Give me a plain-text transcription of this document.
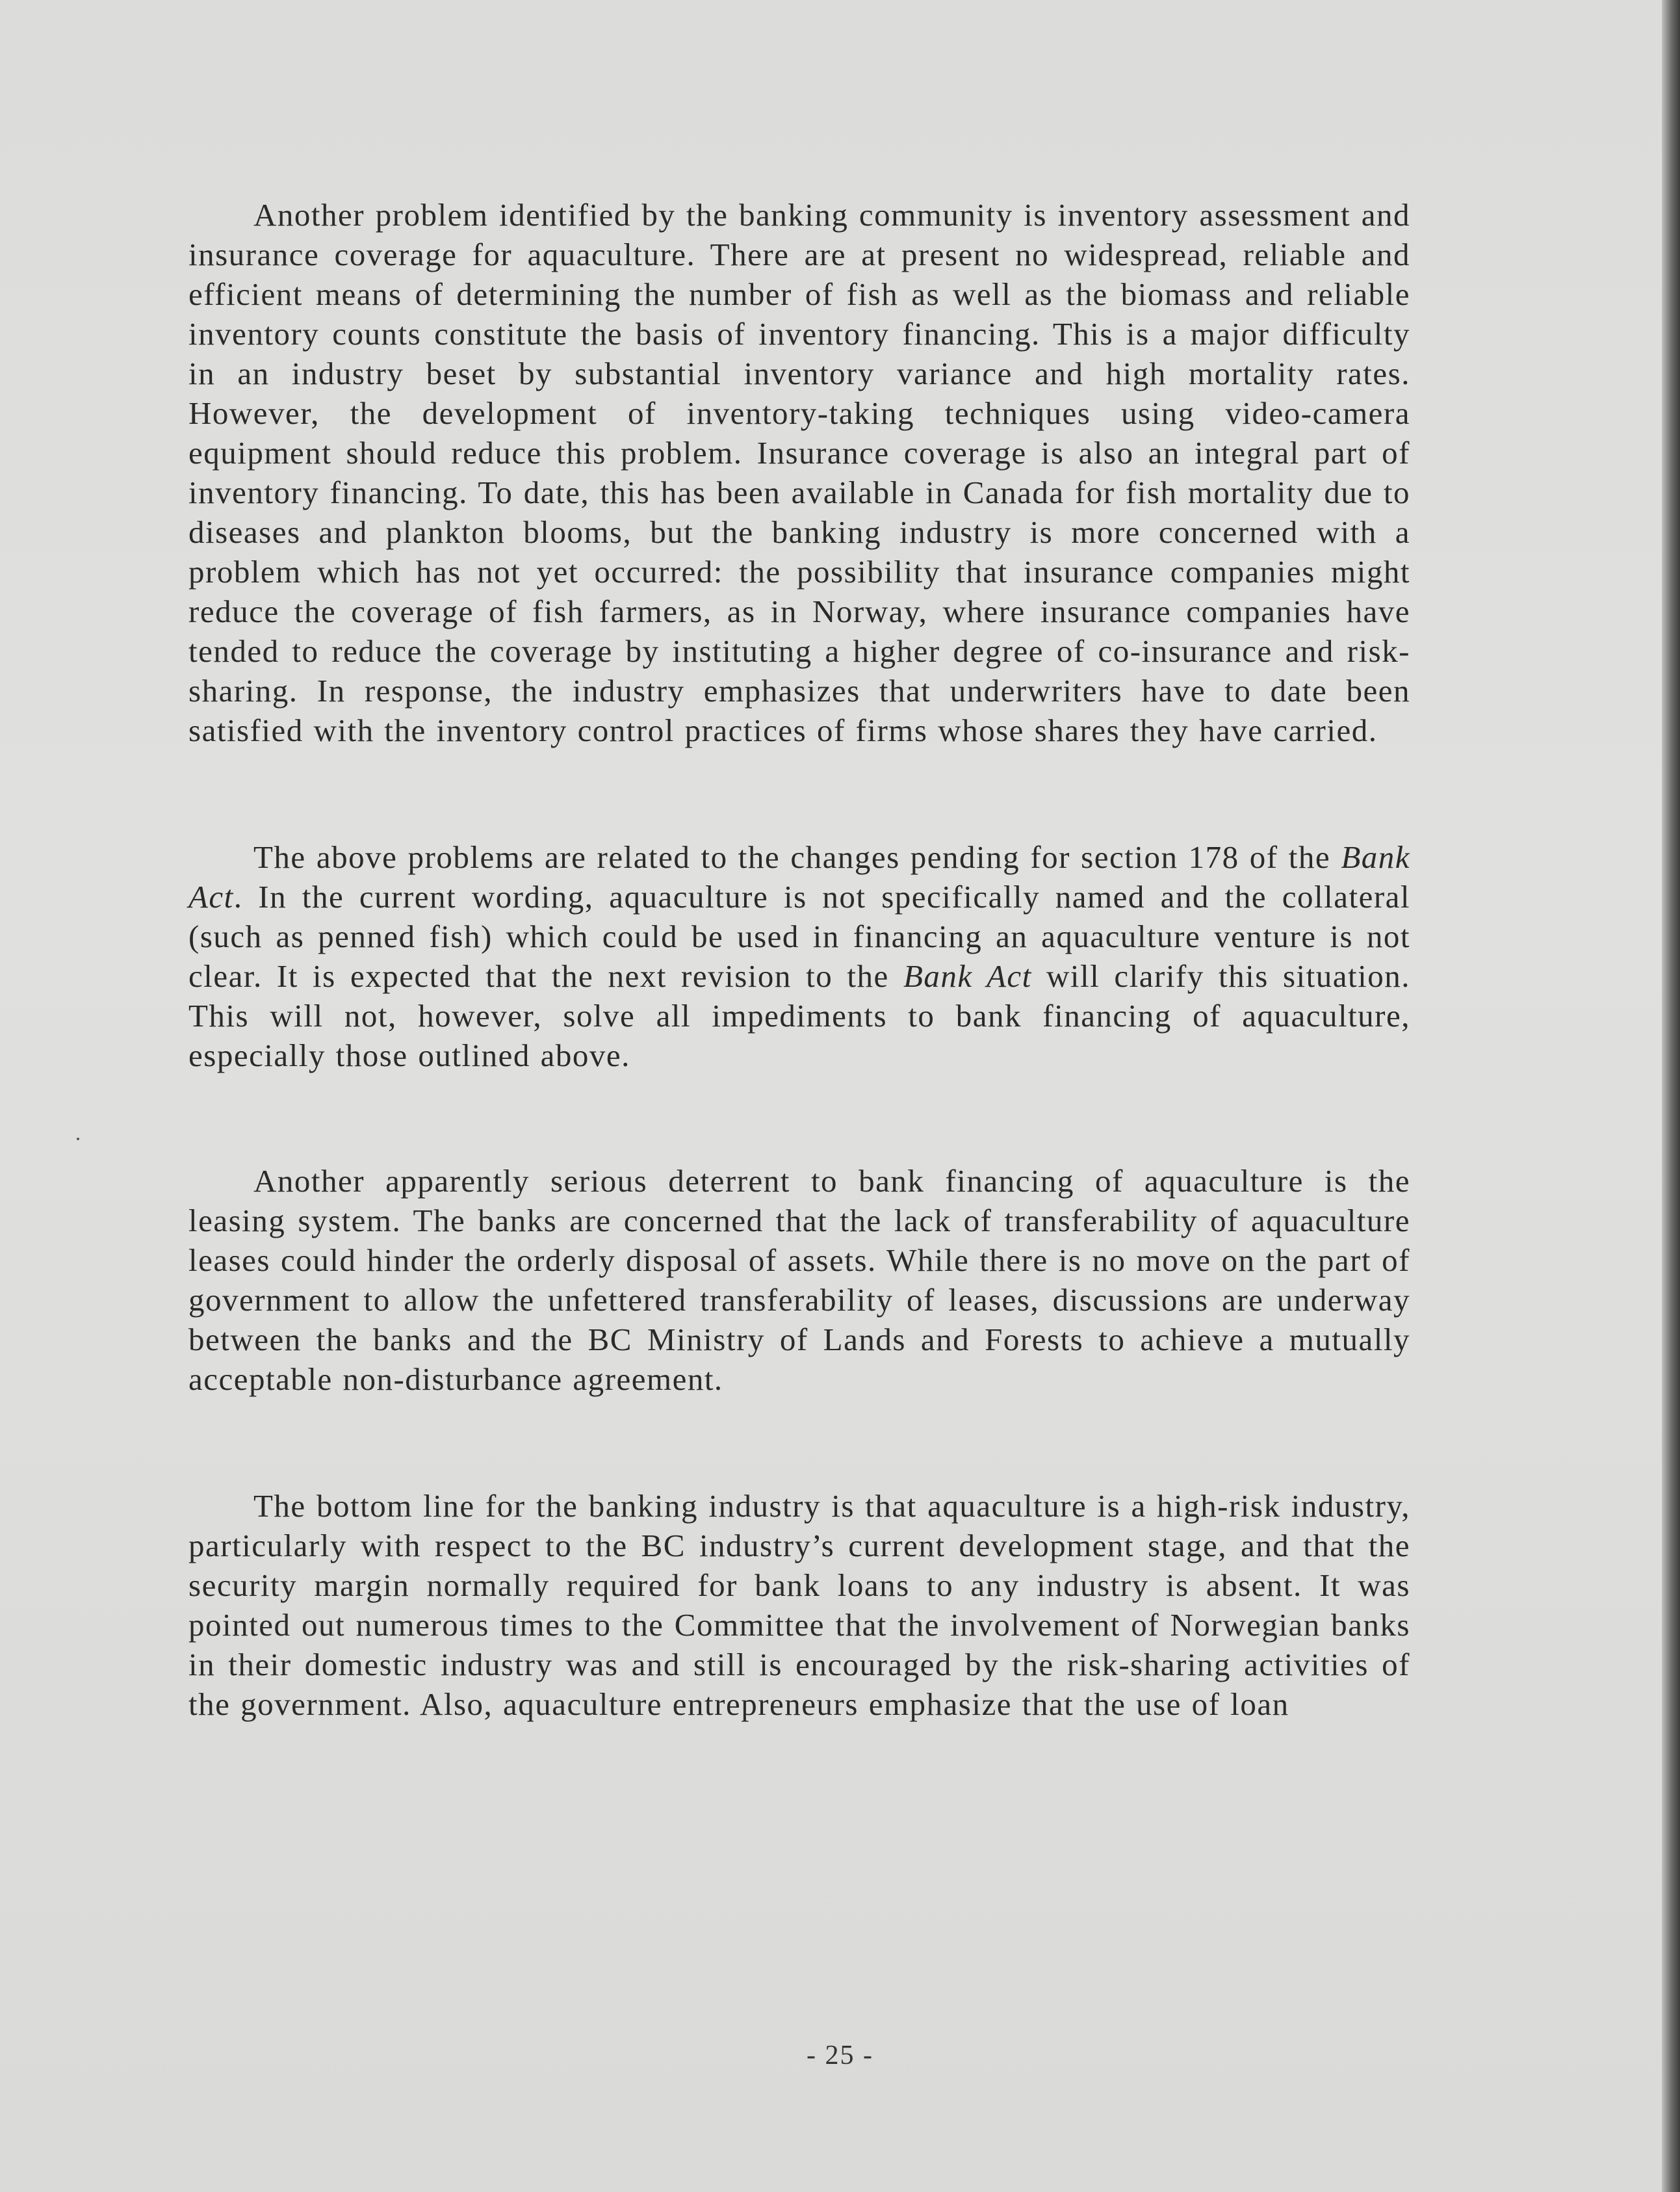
Another problem identified by the banking community is inventory assessment and insurance coverage for aquaculture. There are at present no widespread, reliable and efficient means of determining the number of fish as well as the biomass and reliable inventory counts constitute the basis of inventory financing. This is a major difficulty in an industry beset by substantial inventory variance and high mortality rates. However, the development of inventory-taking techniques using video-camera equipment should reduce this problem. Insurance coverage is also an integral part of inventory financing. To date, this has been available in Canada for fish mortality due to diseases and plankton blooms, but the banking industry is more concerned with a problem which has not yet occurred: the possibility that insurance companies might reduce the coverage of fish farmers, as in Norway, where insurance companies have tended to reduce the coverage by instituting a higher degree of co-insurance and risk-sharing. In response, the industry emphasizes that underwriters have to date been satisfied with the inventory control practices of firms whose shares they have carried.

The above problems are related to the changes pending for section 178 of the Bank Act. In the current wording, aquaculture is not specifically named and the collateral (such as penned fish) which could be used in financing an aquaculture venture is not clear. It is expected that the next revision to the Bank Act will clarify this situation. This will not, however, solve all impediments to bank financing of aquaculture, especially those outlined above.

Another apparently serious deterrent to bank financing of aquaculture is the leasing system. The banks are concerned that the lack of transferability of aquaculture leases could hinder the orderly disposal of assets. While there is no move on the part of government to allow the unfettered transferability of leases, discussions are underway between the banks and the BC Ministry of Lands and Forests to achieve a mutually acceptable non-disturbance agreement.

The bottom line for the banking industry is that aquaculture is a high-risk industry, particularly with respect to the BC industry’s current development stage, and that the security margin normally required for bank loans to any industry is absent. It was pointed out numerous times to the Committee that the involvement of Norwegian banks in their domestic industry was and still is encouraged by the risk-sharing activities of the government. Also, aquaculture entrepreneurs emphasize that the use of loan

- 25 -
